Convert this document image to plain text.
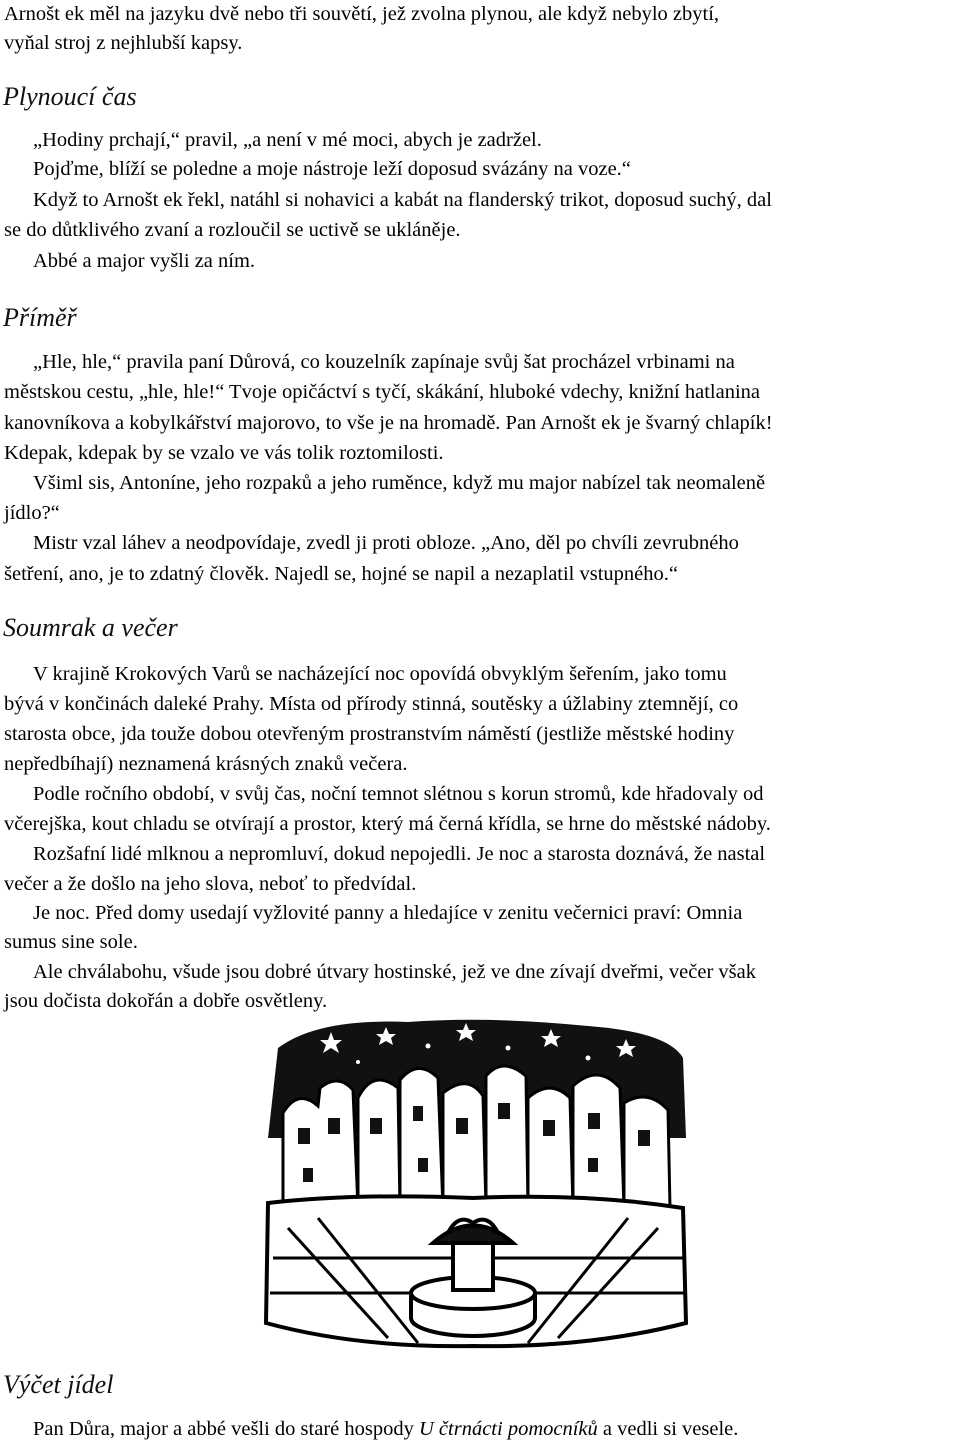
Arnošt ek měl na jazyku dvě nebo tři souvětí, jež zvolna plynou, ale když nebylo zbytí,
vyňal stroj z nejhlubší kapsy.
Plynoucí čas
„Hodiny prchají,“ pravil, „a není v mé moci, abych je zadržel.
Pojďme, blíží se poledne a moje nástroje leží doposud svázány na voze.“
Když to Arnošt ek řekl, natáhl si nohavici a kabát na flanderský trikot, doposud suchý, dal
se do důtklivého zvaní a rozloučil se uctivě se ukláněje.
Abbé a major vyšli za ním.
Příměř
„Hle, hle,“ pravila paní Důrová, co kouzelník zapínaje svůj šat procházel vrbinami na
městskou cestu, „hle, hle!“ Tvoje opičáctví s tyčí, skákání, hluboké vdechy, knižní hatlanina
kanovníkova a kobylkářství majorovo, to vše je na hromadě. Pan Arnošt ek je švarný chlapík!
Kdepak, kdepak by se vzalo ve vás tolik roztomilosti.
Všiml sis, Antoníne, jeho rozpaků a jeho ruměnce, když mu major nabízel tak neomaleně
jídlo?“
Mistr vzal láhev a neodpovídaje, zvedl ji proti obloze. „Ano, děl po chvíli zevrubného
šetření, ano, je to zdatný člověk. Najedl se, hojné se napil a nezaplatil vstupného.“
Soumrak a večer
V krajině Krokových Varů se nacházející noc opovídá obvyklým šeřením, jako tomu
bývá v končinách daleké Prahy. Místa od přírody stinná, soutěsky a úžlabiny ztemnějí, co
starosta obce, jda touže dobou otevřeným prostranstvím náměstí (jestliže městské hodiny
nepředbíhají) neznamená krásných znaků večera.
Podle ročního období, v svůj čas, noční temnot slétnou s korun stromů, kde hřadovaly od
včerejška, kout chladu se otvírají a prostor, který má černá křídla, se hrne do městské nádoby.
Rozšafní lidé mlknou a nepromluví, dokud nepojedli. Je noc a starosta doznává, že nastal
večer a že došlo na jeho slova, neboť to předvídal.
Je noc. Před domy usedají vyžlovité panny a hledajíce v zenitu večernici praví: Omnia
sumus sine sole.
Ale chválabohu, všude jsou dobré útvary hostinské, jež ve dne zívají dveřmi, večer však
jsou dočista dokořán a dobře osvětleny.
Výčet jídel
Pan Důra, major a abbé vešli do staré hospody U čtrnácti pomocníků a vedli si vesele.
